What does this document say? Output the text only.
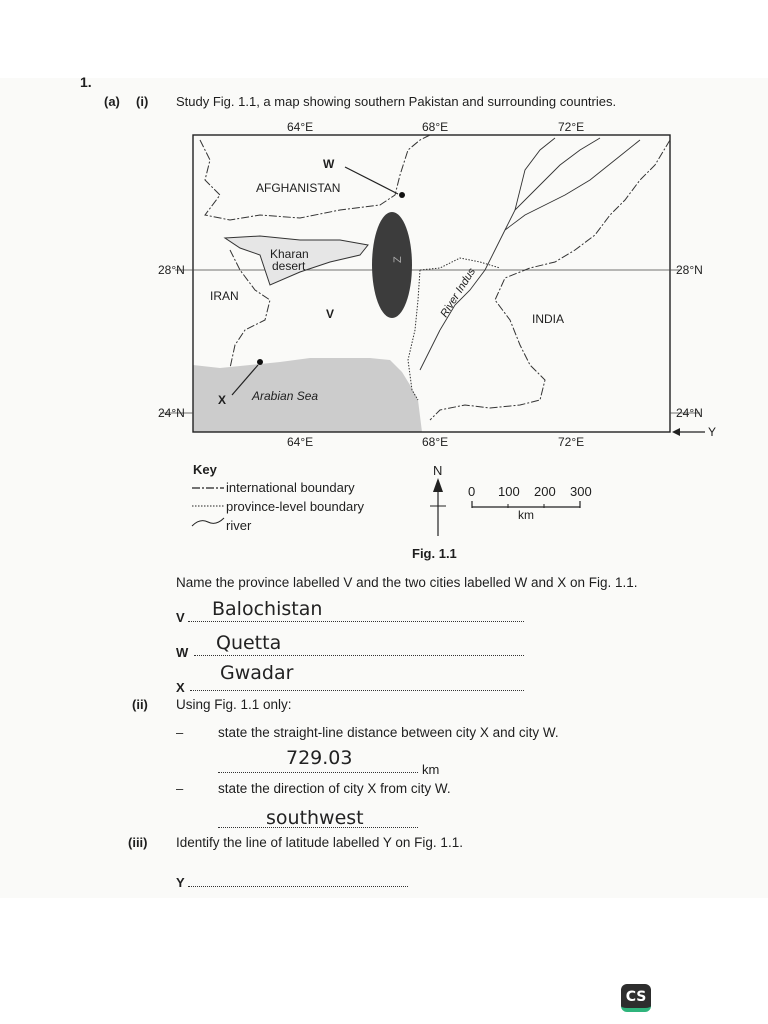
1.
(a) (i) Study Fig. 1.1, a map showing southern Pakistan and surrounding countries.
64°E	68°E	72°E
64°E	68°E	72°E
28°N
24°N
28°N
24°N
Y
AFGHANISTAN
IRAN
INDIA
Kharan
desert
Arabian Sea
River Indus
W
X
V
Z
Key
international boundary
province-level boundary
river
N
0 100 200 300
km
Fig. 1.1
Name the province labelled V and the two cities labelled W and X on Fig. 1.1.
V Balochistan
W Quetta
X
Gwadar
(ii) Using Fig. 1.1 only:
–	state the straight-line distance between city X and city W.
729.03
km
–	state the direction of city X from city W.
southwest
(iii) Identify the line of latitude labelled Y on Fig. 1.1.
Y
CS
